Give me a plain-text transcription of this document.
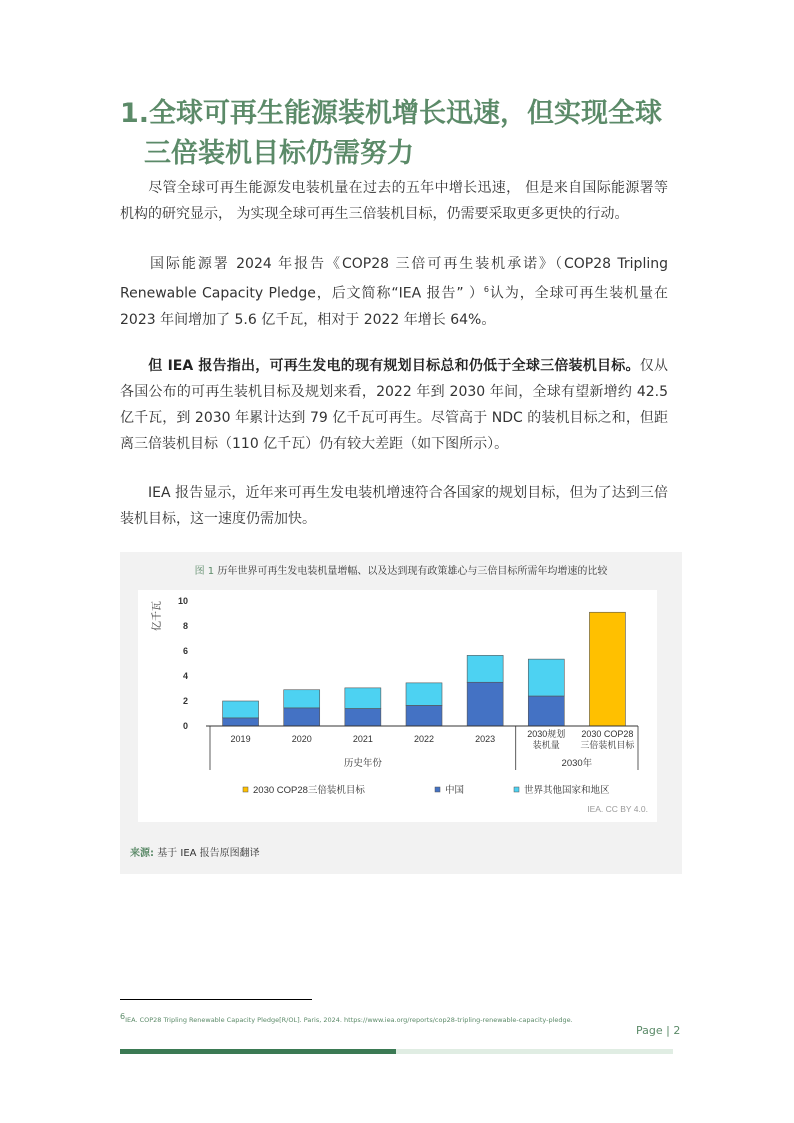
1.全球可再生能源装机增长迅速，但实现全球
三倍装机目标仍需努力

尽管全球可再生能源发电装机量在过去的五年中增长迅速， 但是来自国际能源署等机构的研究显示， 为实现全球可再生三倍装机目标，仍需要采取更多更快的行动。

国际能源署 2024 年报告《COP28 三倍可再生装机承诺》（COP28 Tripling Renewable Capacity Pledge，后文简称“IEA 报告” ）$^6$认为，全球可再生装机量在 2023 年间增加了 5.6 亿千瓦，相对于 2022 年增长 64%。

但 IEA 报告指出，可再生发电的现有规划目标总和仍低于全球三倍装机目标。仅从各国公布的可再生装机目标及规划来看，2022 年到 2030 年间，全球有望新增约 42.5 亿千瓦，到 2030 年累计达到 79 亿千瓦可再生。尽管高于 NDC 的装机目标之和，但距离三倍装机目标（110 亿千瓦）仍有较大差距（如下图所示）。

IEA 报告显示，近年来可再生发电装机增速符合各国家的规划目标，但为了达到三倍装机目标，这一速度仍需加快。

图 1 历年世界可再生发电装机量增幅、以及达到现有政策雄心与三倍目标所需年均增速的比较
0
2
4
6
8
10
亿千瓦
2019	2020	2021	2022	2023	2030规划
装机量
2030 COP28
三倍装机目标
历史年份	2030年
2030 COP28三倍装机目标	中国	世界其他国家和地区
IEA. CC BY 4.0.
来源: 基于 IEA 报告原图翻译
6IEA. COP28 Tripling Renewable Capacity Pledge[R/OL]. Paris, 2024. https://www.iea.org/reports/cop28-tripling-renewable-capacity-pledge.
Page | 2
